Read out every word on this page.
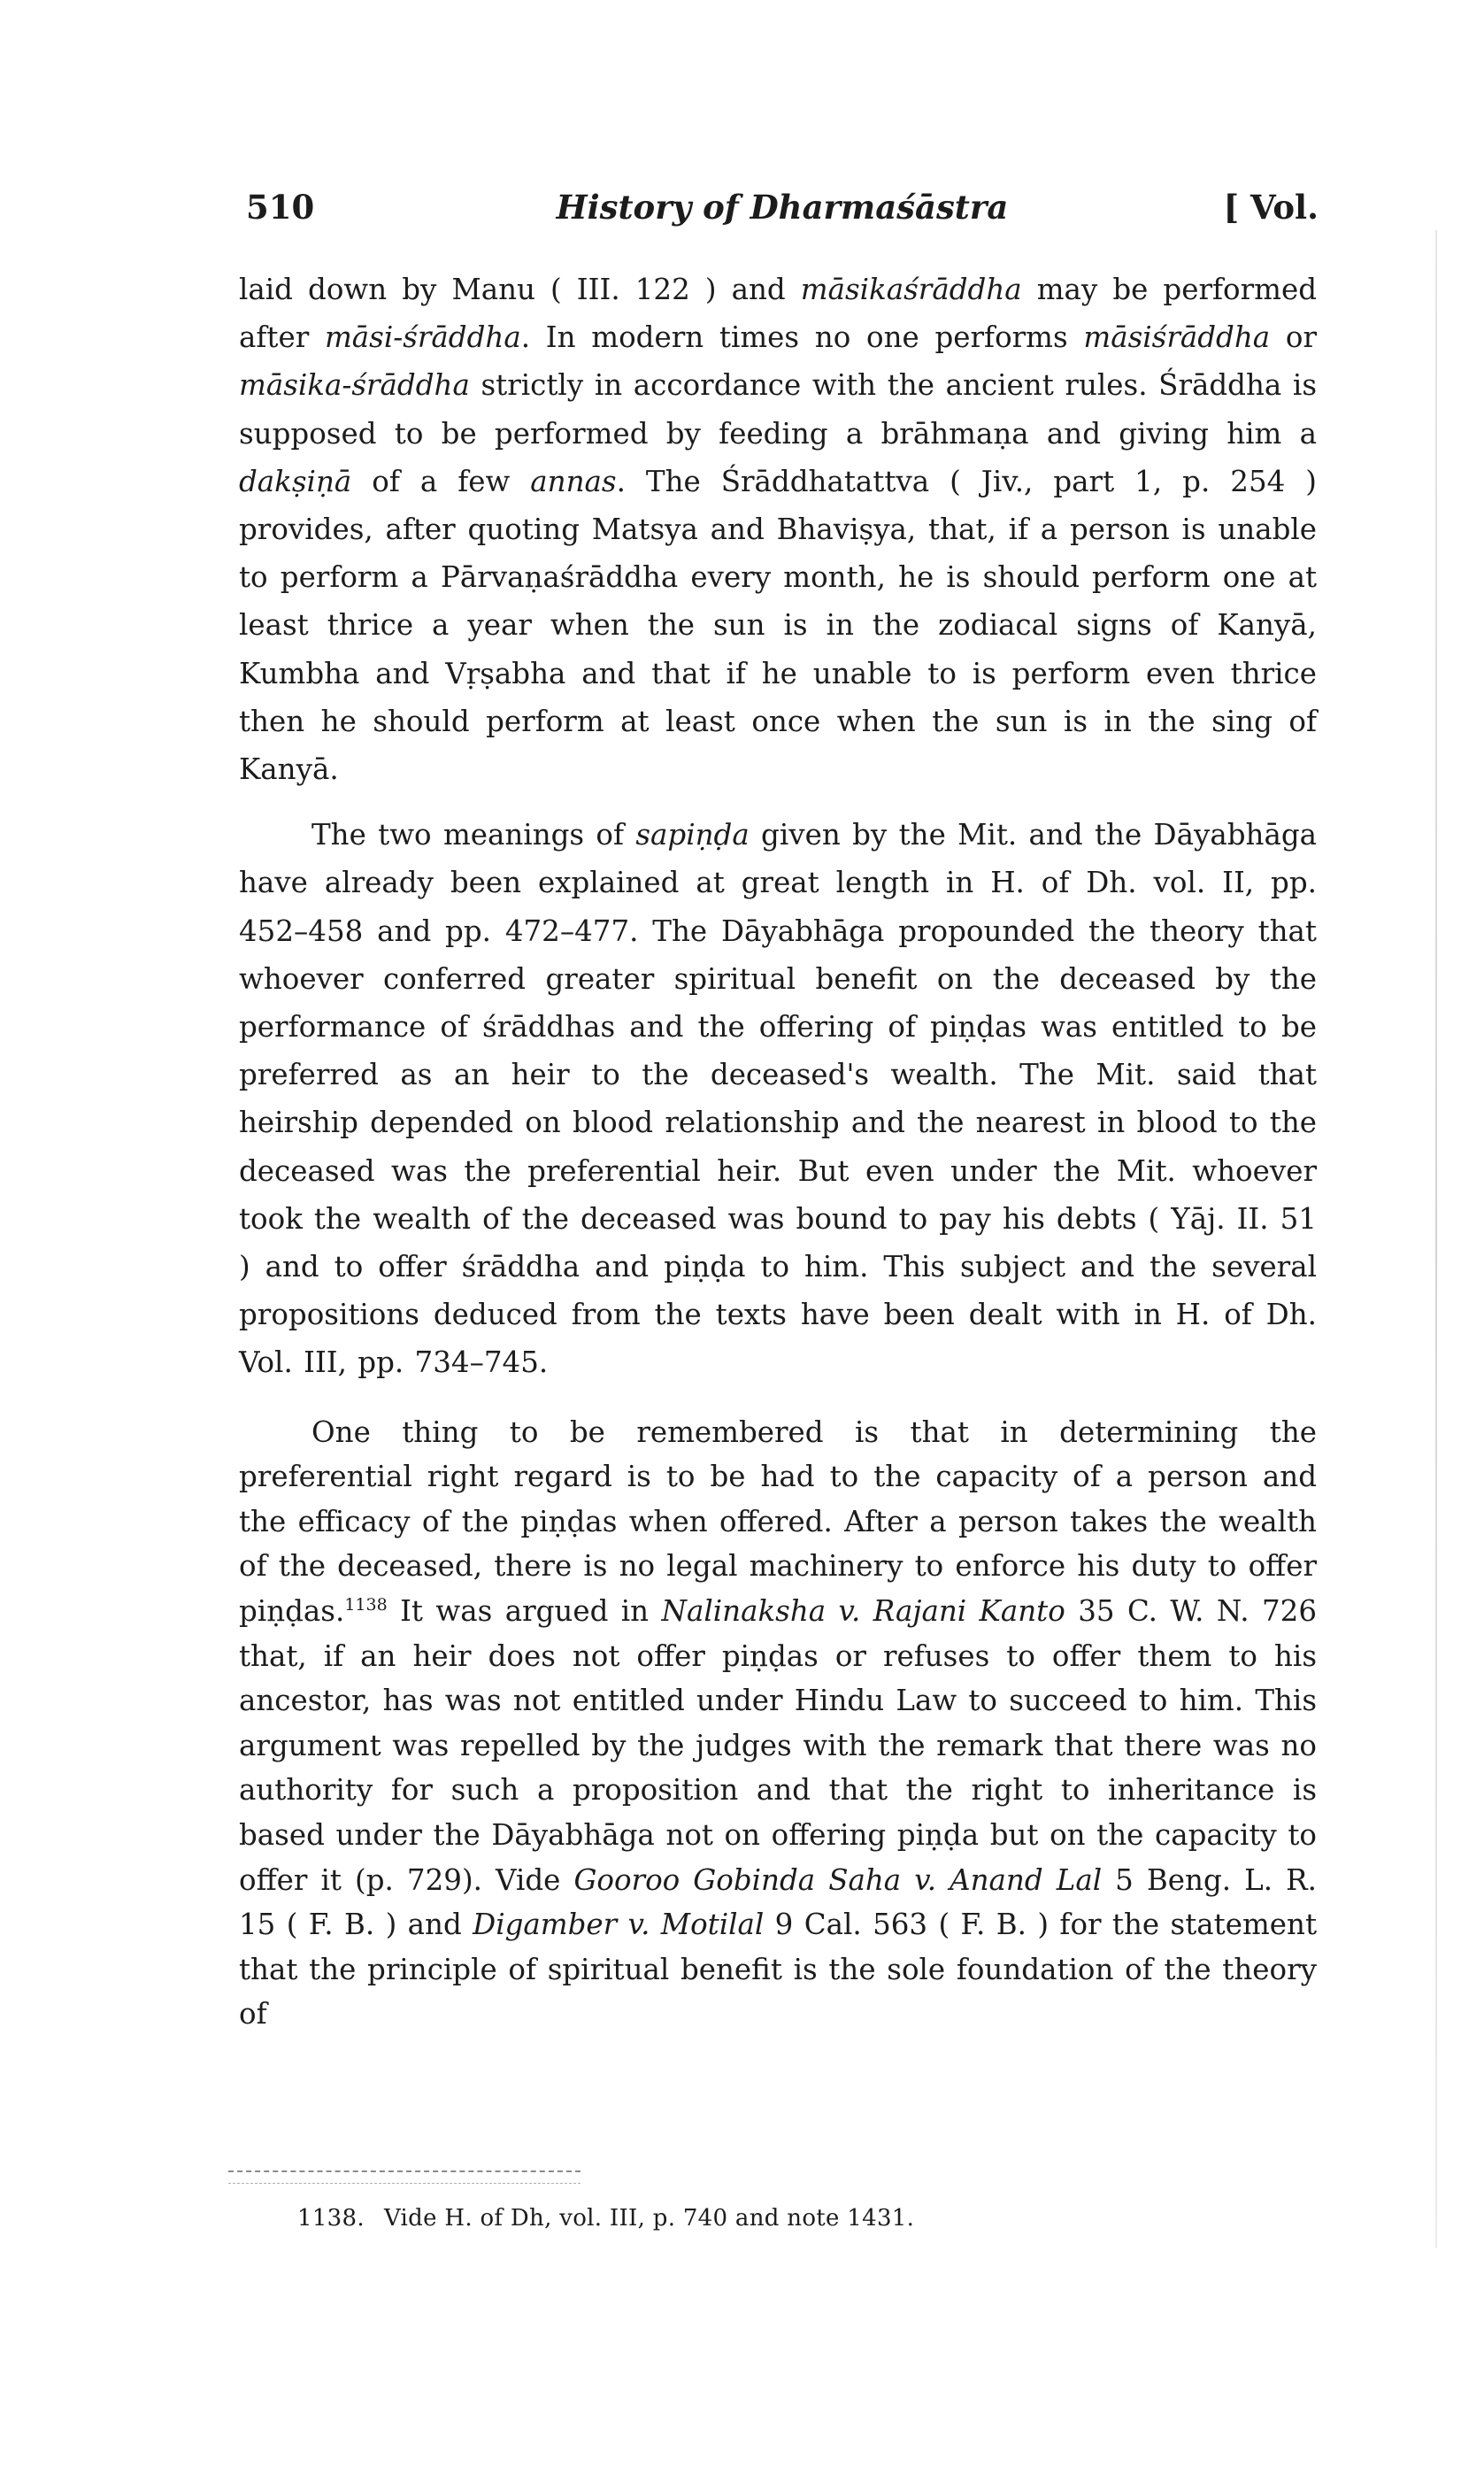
510	History of Dharmaśāstra	[ Vol.

laid down by Manu ( III. 122 ) and māsikaśrāddha may be performed after māsi-śrāddha. In modern times no one performs māsiśrāddha or māsika-śrāddha strictly in accordance with the ancient rules. Śrāddha is supposed to be performed by feeding a brāhmaṇa and giving him a dakṣiṇā of a few annas. The Śrāddhatattva ( Jiv., part 1, p. 254 ) provides, after quoting Matsya and Bhaviṣya, that, if a person is unable to perform a Pārvaṇaśrāddha every month, he is should perform one at least thrice a year when the sun is in the zodiacal signs of Kanyā, Kumbha and Vṛṣabha and that if he unable to is perform even thrice then he should perform at least once when the sun is in the sing of Kanyā.

The two meanings of sapiṇḍa given by the Mit. and the Dāyabhāga have already been explained at great length in H. of Dh. vol. II, pp. 452–458 and pp. 472–477. The Dāyabhāga propounded the theory that whoever conferred greater spiritual benefit on the deceased by the performance of śrāddhas and the offering of piṇḍas was entitled to be preferred as an heir to the deceased's wealth. The Mit. said that heirship depended on blood relationship and the nearest in blood to the deceased was the preferential heir. But even under the Mit. whoever took the wealth of the deceased was bound to pay his debts ( Yāj. II. 51 ) and to offer śrāddha and piṇḍa to him. This subject and the several propositions deduced from the texts have been dealt with in H. of Dh. Vol. III, pp. 734–745.

One thing to be remembered is that in determining the preferential right regard is to be had to the capacity of a person and the efficacy of the piṇḍas when offered. After a person takes the wealth of the deceased, there is no legal machinery to enforce his duty to offer piṇḍas.$^{1138}$ It was argued in Nalinaksha v. Rajani Kanto 35 C. W. N. 726 that, if an heir does not offer piṇḍas or refuses to offer them to his ancestor, has was not entitled under Hindu Law to succeed to him. This argument was repelled by the judges with the remark that there was no authority for such a proposition and that the right to inheritance is based under the Dāyabhāga not on offering piṇḍa but on the capacity to offer it (p. 729). Vide Gooroo Gobinda Saha v. Anand Lal 5 Beng. L. R. 15 ( F. B. ) and Digamber v. Motilal 9 Cal. 563 ( F. B. ) for the statement that the principle of spiritual benefit is the sole foundation of the theory of

1138. Vide H. of Dh, vol. III, p. 740 and note 1431.
